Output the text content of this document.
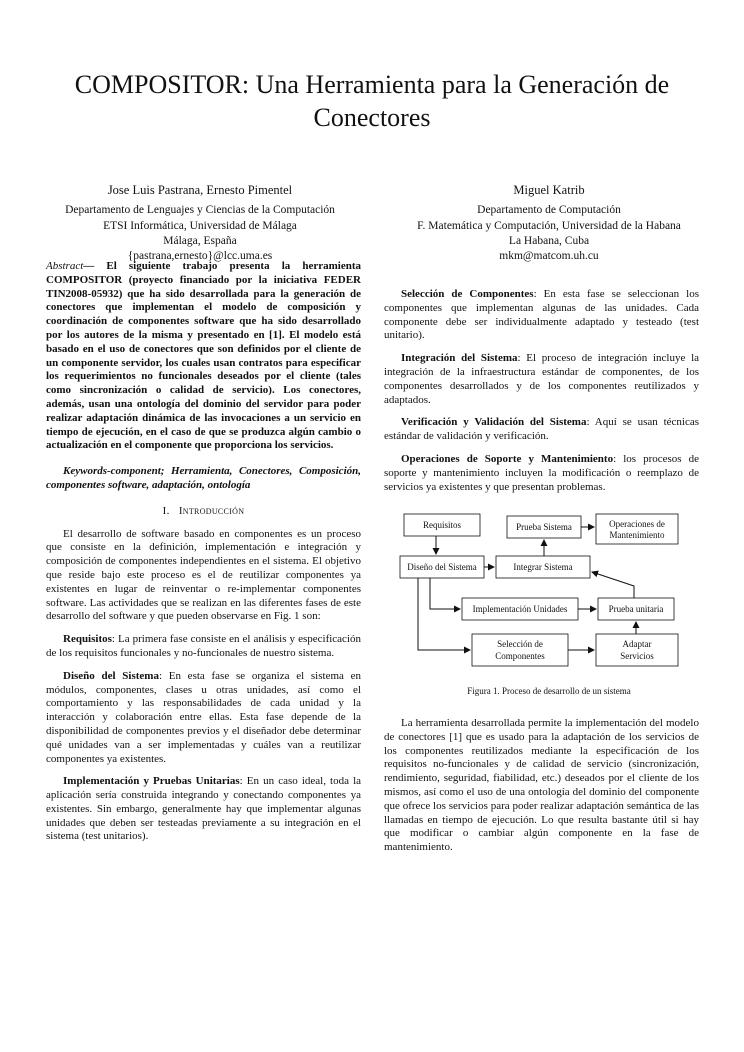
COMPOSITOR: Una Herramienta para la Generación de Conectores
Jose Luis Pastrana, Ernesto Pimentel
Departamento de Lenguajes y Ciencias de la Computación
ETSI Informática, Universidad de Málaga
Málaga, España
{pastrana,ernesto}@lcc.uma.es
Miguel Katrib
Departamento de Computación
F. Matemática y Computación, Universidad de la Habana
La Habana, Cuba
mkm@matcom.uh.cu

Abstract— El siguiente trabajo presenta la herramienta COMPOSITOR (proyecto financiado por la iniciativa FEDER TIN2008-05932) que ha sido desarrollada para la generación de conectores que implementan el modelo de composición y coordinación de componentes software que ha sido desarrollado por los autores de la misma y presentado en [1]. El modelo está basado en el uso de conectores que son definidos por el cliente de un componente servidor, los cuales usan contratos para especificar los requerimientos no funcionales deseados por el cliente (tales como sincronización o calidad de servicio). Los conectores, además, usan una ontología del dominio del servidor para poder realizar adaptación dinámica de las invocaciones a un servicio en tiempo de ejecución, en el caso de que se produzca algún cambio o actualización en el componente que proporciona los servicios.

Keywords-component; Herramienta, Conectores, Composición, componentes software, adaptación, ontología

I. Introducción

El desarrollo de software basado en componentes es un proceso que consiste en la definición, implementación e integración y composición de componentes independientes en el sistema. El objetivo que reside bajo este proceso es el de reutilizar componentes ya existentes en lugar de reinventar o re-implementar componentes software. Las actividades que se realizan en las diferentes fases de este desarrollo del software y que pueden observarse en Fig. 1 son:

Requisitos: La primera fase consiste en el análisis y especificación de los requisitos funcionales y no-funcionales de nuestro sistema.

Diseño del Sistema: En esta fase se organiza el sistema en módulos, componentes, clases u otras unidades, así como el comportamiento y las responsabilidades de cada unidad y la interacción y colaboración entre ellas. Esta fase depende de la disponibilidad de componentes previos y el diseñador debe determinar qué unidades van a ser implementadas y cuáles van a reutilizar componentes ya existentes.

Implementación y Pruebas Unitarias: En un caso ideal, toda la aplicación sería construida integrando y conectando componentes ya existentes. Sin embargo, generalmente hay que implementar algunas unidades que deben ser testeadas previamente a su integración en el sistema (test unitarios).

Selección de Componentes: En esta fase se seleccionan los componentes que implementan algunas de las unidades. Cada componente debe ser individualmente adaptado y testeado (test unitario).

Integración del Sistema: El proceso de integración incluye la integración de la infraestructura estándar de componentes, de los componentes desarrollados y de los componentes reutilizados y adaptados.

Verificación y Validación del Sistema: Aquí se usan técnicas estándar de validación y verificación.

Operaciones de Soporte y Mantenimiento: los procesos de soporte y mantenimiento incluyen la modificación o reemplazo de servicios ya existentes y que presentan problemas.

Requisitos	Prueba Sistema	Operaciones de
Mantenimiento
Diseño del Sistema	Integrar Sistema
Implementación Unidades	Prueba unitaria
Selección de
Componentes
Adaptar
Servicios
Figura 1. Proceso de desarrollo de un sistema

La herramienta desarrollada permite la implementación del modelo de conectores [1] que es usado para la adaptación de los servicios de los componentes reutilizados mediante la especificación de los requisitos no-funcionales y de calidad de servicio (sincronización, rendimiento, seguridad, fiabilidad, etc.) deseados por el cliente de los mismos, así como el uso de una ontología del dominio del componente que ofrece los servicios para poder realizar adaptación semántica de las llamadas en tiempo de ejecución. Lo que resulta bastante útil si hay que modificar o cambiar algún componente en la fase de mantenimiento.
